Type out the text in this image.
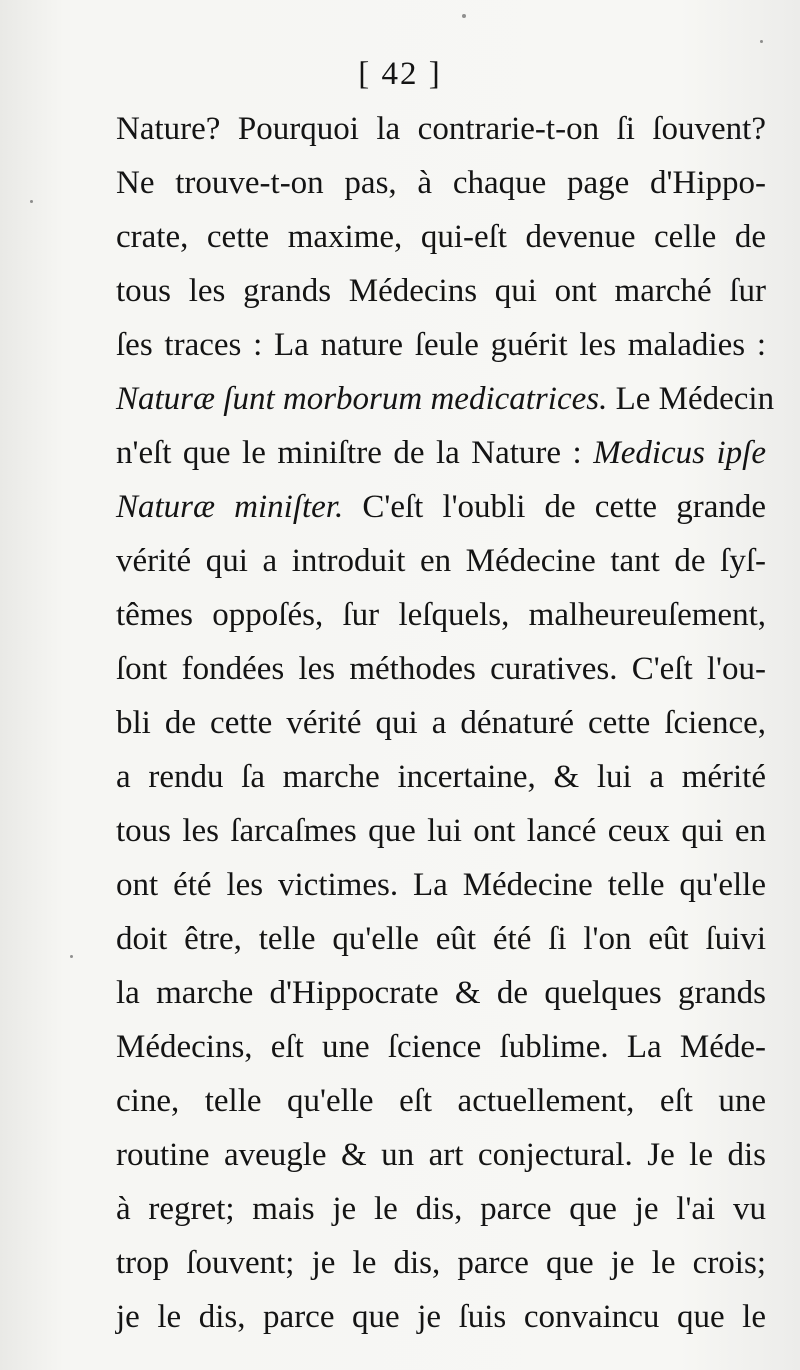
[ 42 ]
Nature? Pourquoi la contrarie-t-on ſi ſouvent?
Ne trouve-t-on pas, à chaque page d'Hippo-
crate, cette maxime, qui-eſt devenue celle de
tous les grands Médecins qui ont marché ſur
ſes traces : La nature ſeule guérit les maladies :
Naturæ ſunt morborum medicatrices. Le Médecin
n'eſt que le miniſtre de la Nature : Medicus ipſe
Naturæ miniſter. C'eſt l'oubli de cette grande
vérité qui a introduit en Médecine tant de ſyſ-
têmes oppoſés, ſur leſquels, malheureuſement,
ſont fondées les méthodes curatives. C'eſt l'ou-
bli de cette vérité qui a dénaturé cette ſcience,
a rendu ſa marche incertaine, & lui a mérité
tous les ſarcaſmes que lui ont lancé ceux qui en
ont été les victimes. La Médecine telle qu'elle
doit être, telle qu'elle eût été ſi l'on eût ſuivi
la marche d'Hippocrate & de quelques grands
Médecins, eſt une ſcience ſublime. La Méde-
cine, telle qu'elle eſt actuellement, eſt une
routine aveugle & un art conjectural. Je le dis
à regret; mais je le dis, parce que je l'ai vu
trop ſouvent; je le dis, parce que je le crois;
je le dis, parce que je ſuis convaincu que le
